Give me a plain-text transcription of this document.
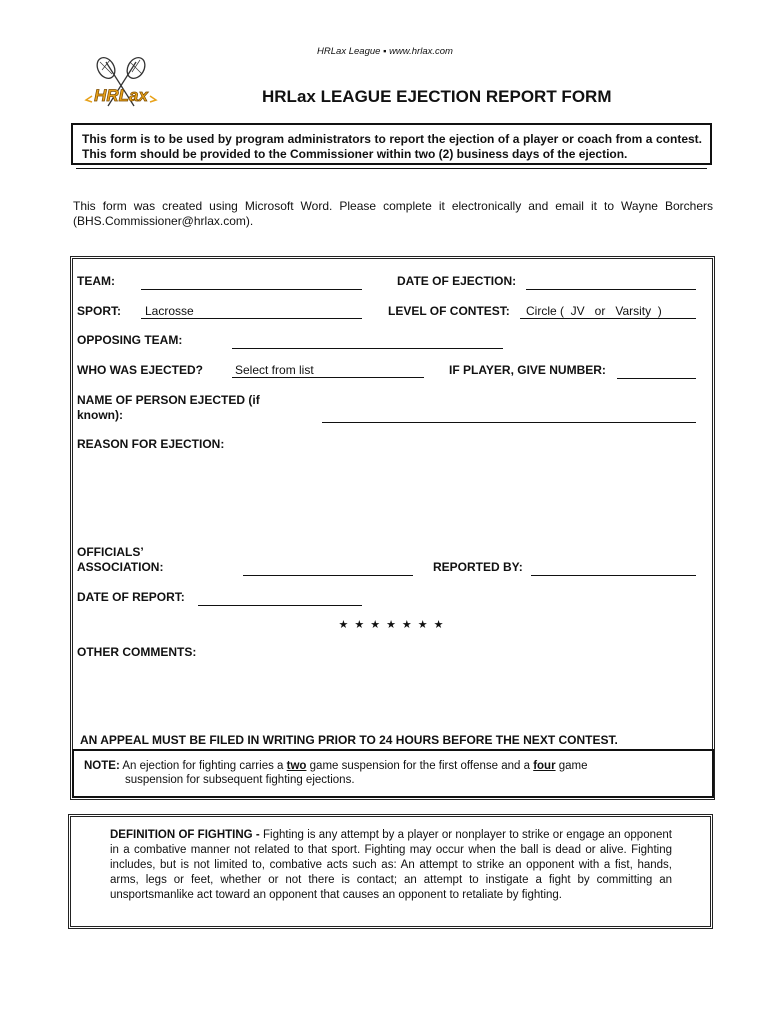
HRLax League ▪ www.hrlax.com
HRLax	HRLax LEAGUE EJECTION REPORT FORM
This form is to be used by program administrators to report the ejection of a player or coach from a contest. This form should be provided to the Commissioner within two (2) business days of the ejection.
This form was created using Microsoft Word. Please complete it electronically and email it to Wayne Borchers (BHS.Commissioner@hrlax.com).
TEAM:	DATE OF EJECTION:
SPORT:	Lacrosse	LEVEL OF CONTEST:	Circle (  JV   or   Varsity  )
OPPOSING TEAM:
WHO WAS EJECTED?	Select from list	IF PLAYER, GIVE NUMBER:
NAME OF PERSON EJECTED (if
known):
REASON FOR EJECTION:
OFFICIALS’
ASSOCIATION:	REPORTED BY:
DATE OF REPORT:
★★★★★★★
OTHER COMMENTS:
AN APPEAL MUST BE FILED IN WRITING PRIOR TO 24 HOURS BEFORE THE NEXT CONTEST.
NOTE: An ejection for fighting carries a two game suspension for the first offense and a four game
suspension for subsequent fighting ejections.
DEFINITION OF FIGHTING - Fighting is any attempt by a player or nonplayer to strike or engage an opponent in a combative manner not related to that sport. Fighting may occur when the ball is dead or alive. Fighting includes, but is not limited to, combative acts such as: An attempt to strike an opponent with a fist, hands, arms, legs or feet, whether or not there is contact; an attempt to instigate a fight by committing an unsportsmanlike act toward an opponent that causes an opponent to retaliate by fighting.
